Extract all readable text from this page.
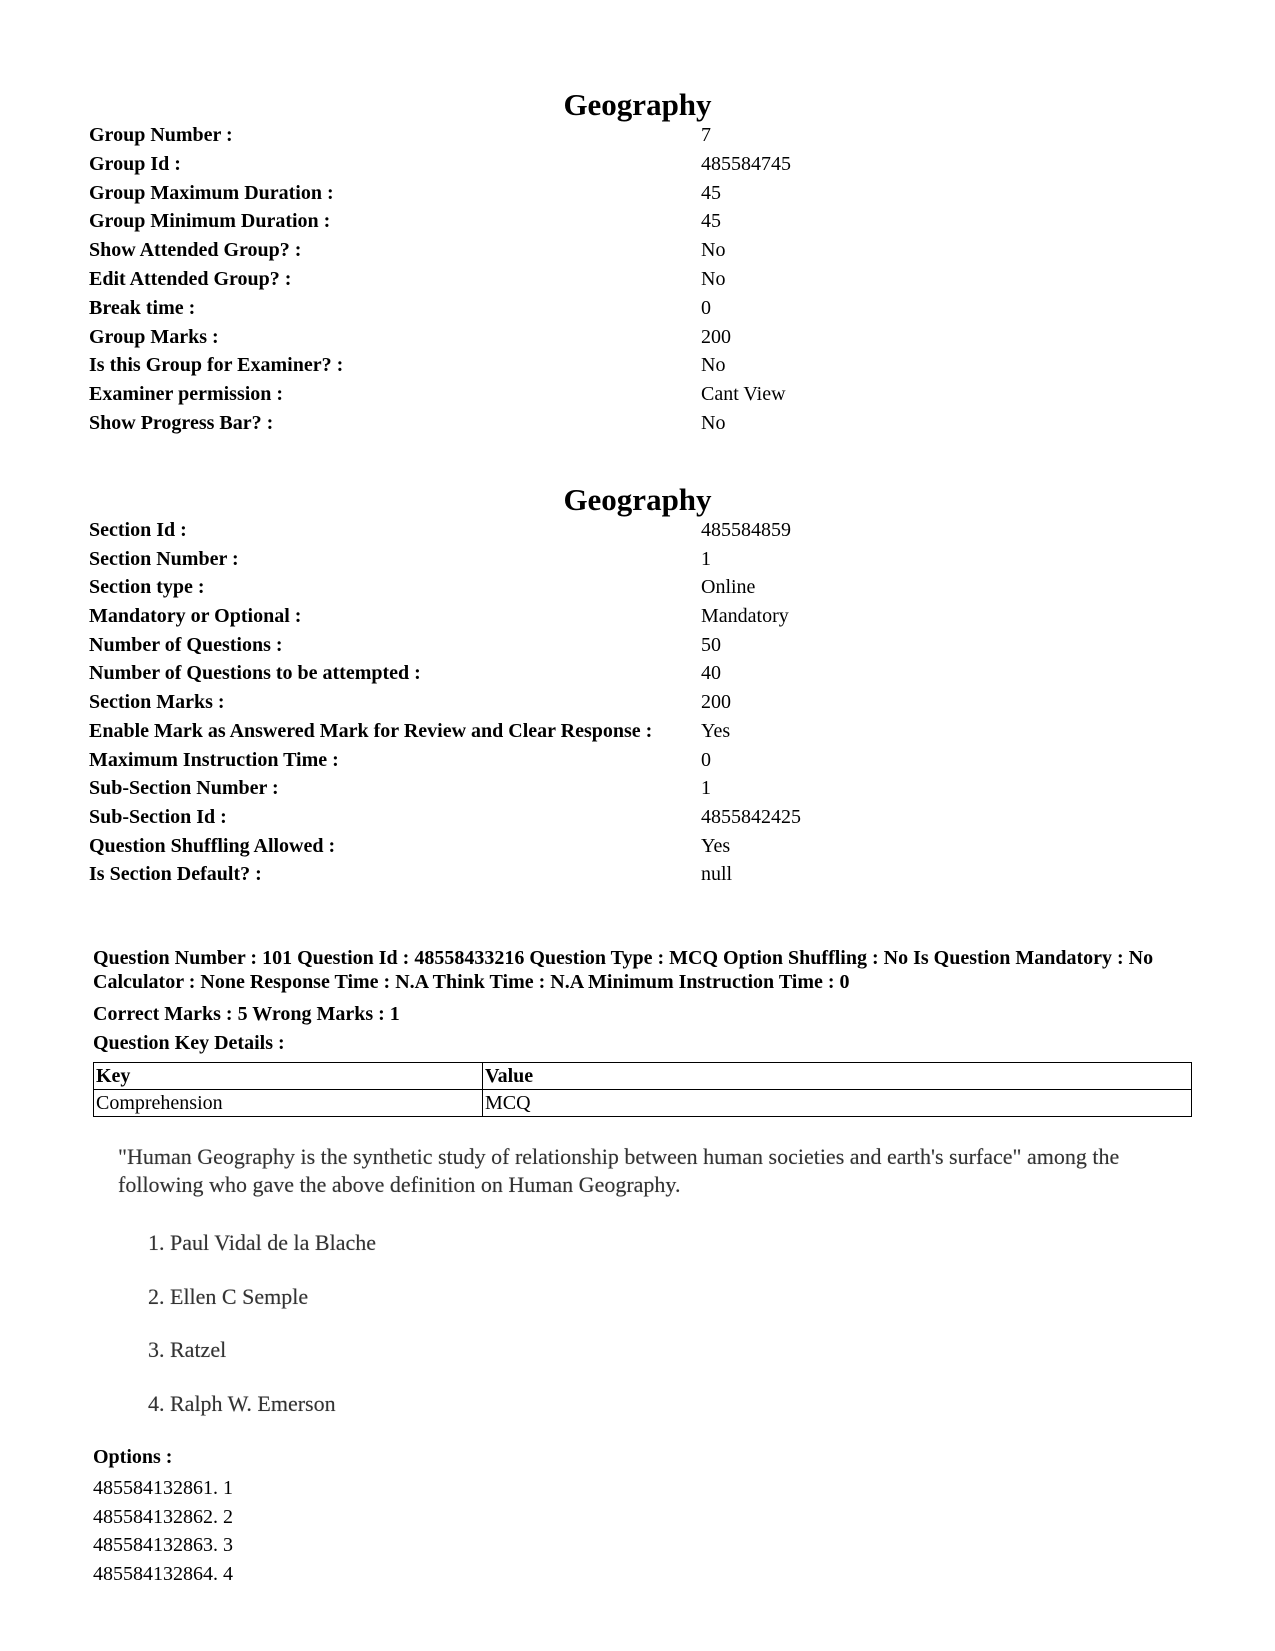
Geography
Group Number :	7
Group Id :	485584745
Group Maximum Duration :	45
Group Minimum Duration :	45
Show Attended Group? :	No
Edit Attended Group? :	No
Break time :	0
Group Marks :	200
Is this Group for Examiner? :	No
Examiner permission :	Cant View
Show Progress Bar? :	No
Geography
Section Id :	485584859
Section Number :	1
Section type :	Online
Mandatory or Optional :	Mandatory
Number of Questions :	50
Number of Questions to be attempted :	40
Section Marks :	200
Enable Mark as Answered Mark for Review and Clear Response : Yes
Maximum Instruction Time :	0
Sub-Section Number :	1
Sub-Section Id :	4855842425
Question Shuffling Allowed :	Yes
Is Section Default? :	null
Question Number : 101 Question Id : 48558433216 Question Type : MCQ Option Shuffling : No Is Question Mandatory : No Calculator : None Response Time : N.A Think Time : N.A Minimum Instruction Time : 0
Correct Marks : 5 Wrong Marks : 1
Question Key Details :
Key	Value
Comprehension	MCQ

"Human Geography is the synthetic study of relationship between human societies and earth's surface" among the following who gave the above definition on Human Geography.

1. Paul Vidal de la Blache
2. Ellen C Semple
3. Ratzel
4. Ralph W. Emerson
Options :
485584132861. 1
485584132862. 2
485584132863. 3
485584132864. 4
